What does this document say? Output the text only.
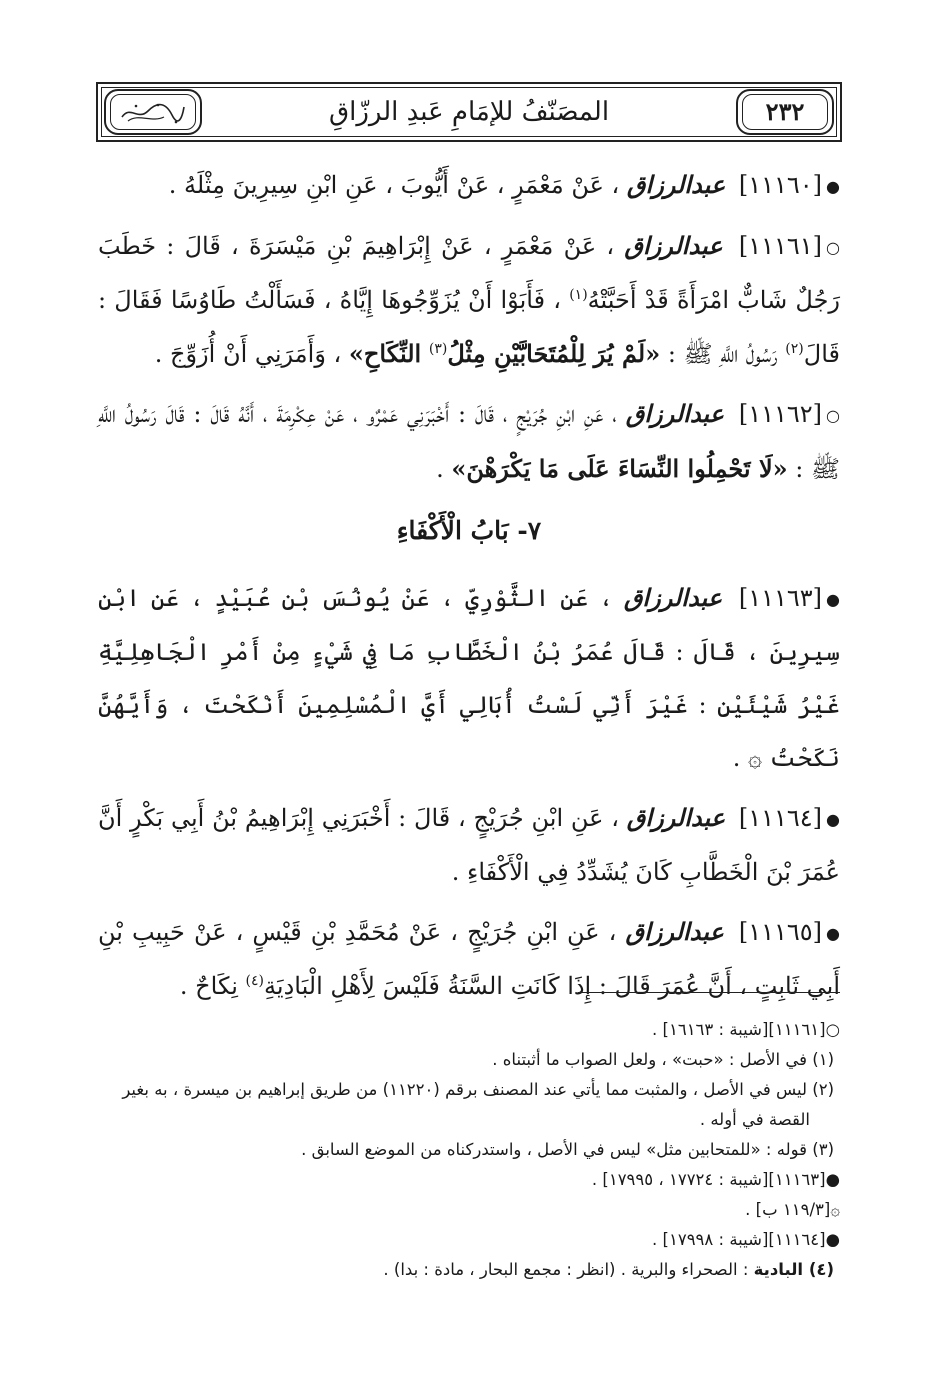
٢٣٢
المصَنّفُ للإمَامِ عَبدِ الرزّاقِ

●[١١١٦٠] عبدالرزاق ، عَنْ مَعْمَرٍ ، عَنْ أَيُّوبَ ، عَنِ ابْنِ سِيرِينَ مِثْلَهُ .

○[١١١٦١] عبدالرزاق ، عَنْ مَعْمَرٍ ، عَنْ إِبْرَاهِيمَ بْنِ مَيْسَرَةَ ، قَالَ : خَطَبَ رَجُلٌ شَابٌّ امْرَأَةً قَدْ أَحَبَّتْهُ$^{(١)}$ ، فَأَبَوْا أَنْ يُزَوِّجُوهَا إِيَّاهُ ، فَسَأَلْتُ طَاوُسًا فَقَالَ : قَالَ$^{(٢)}$ رَسُولُ اللَّهِ ﷺ : «لَمْ يُرَ لِلْمُتَحَابَّيْنِ مِثْلُ$^{(٣)}$ النِّكَاحِ» ، وَأَمَرَنِي أَنْ أُزَوِّجَ .

○[١١١٦٢] عبدالرزاق ، عَنِ ابْنِ جُرَيْجٍ ، قَالَ : أَخْبَرَنِي عَمْرٌو ، عَنْ عِكْرِمَةَ ، أَنَّهُ قَالَ : قَالَ رَسُولُ اللَّهِ ﷺ : «لَا تَحْمِلُوا النِّسَاءَ عَلَى مَا يَكْرَهْنَ» .

٧- بَابُ الْأَكْفَاءِ

●[١١١٦٣] عبدالرزاق ، عَنِ الثَّوْرِيِّ ، عَنْ يُونُسَ بْنِ عُبَيْدٍ ، عَنِ ابْنِ سِيرِينَ ، قَالَ : قَالَ عُمَرُ بْنُ الْخَطَّابِ مَا فِي شَيْءٍ مِنْ أَمْرِ الْجَاهِلِيَّةِ غَيْرُ شَيْئَيْنِ : غَيْرَ أَنِّي لَسْتُ أُبَالِي أَيَّ الْمُسْلِمِينَ أَنْكَحْتَ ، وَأَيَّهُنَّ نَكَحْتُ ۞ .

●[١١١٦٤] عبدالرزاق ، عَنِ ابْنِ جُرَيْجٍ ، قَالَ : أَخْبَرَنِي إِبْرَاهِيمُ بْنُ أَبِي بَكْرٍ أَنَّ عُمَرَ بْنَ الْخَطَّابِ كَانَ يُشَدِّدُ فِي الْأَكْفَاءِ .

●[١١١٦٥] عبدالرزاق ، عَنِ ابْنِ جُرَيْجٍ ، عَنْ مُحَمَّدِ بْنِ قَيْسٍ ، عَنْ حَبِيبِ بْنِ أَبِي ثَابِتٍ ، أَنَّ عُمَرَ قَالَ : إِذَا كَانَتِ السَّنَةُ فَلَيْسَ لِأَهْلِ الْبَادِيَةِ$^{(٤)}$ نِكَاحٌ .

○[١١١٦١][شيبة : ١٦١٦٣] .

(١) في الأصل : «حبت» ، ولعل الصواب ما أثبتناه .

(٢) ليس في الأصل ، والمثبت مما يأتي عند المصنف برقم (١١٢٢٠) من طريق إبراهيم بن ميسرة ، به بغير

القصة في أوله .

(٣) قوله : «للمتحابين مثل» ليس في الأصل ، واستدركناه من الموضع السابق .

●[١١١٦٣][شيبة : ١٧٧٢٤ ، ١٧٩٩٥] .

۞[١١٩/٣ ب] .

●[١١١٦٤][شيبة : ١٧٩٩٨] .

(٤) البادية : الصحراء والبرية . (انظر : مجمع البحار ، مادة : بدا) .
